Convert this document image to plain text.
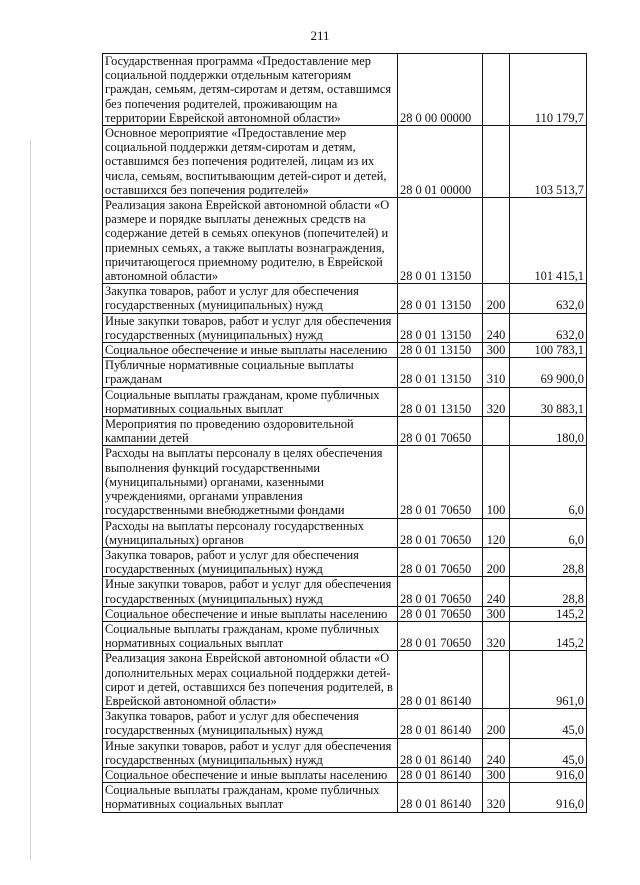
211
Государственная программа «Предоставление мер социальной поддержки отдельным категориям граждан, семьям, детям-сиротам и детям, оставшимся без попечения родителей, проживающим на территории Еврейской автономной области»	28 0 00 00000		110 179,7
Основное мероприятие «Предоставление мер социальной поддержки детям-сиротам и детям, оставшимся без попечения родителей, лицам из их числа, семьям, воспитывающим детей-сирот и детей, оставшихся без попечения родителей»	28 0 01 00000		103 513,7
Реализация закона Еврейской автономной области «О размере и порядке выплаты денежных средств на содержание детей в семьях опекунов (попечителей) и приемных семьях, а также выплаты вознаграждения, причитающегося приемному родителю, в Еврейской автономной области»	28 0 01 13150		101 415,1
Закупка товаров, работ и услуг для обеспечения государственных (муниципальных) нужд	28 0 01 13150	200	632,0
Иные закупки товаров, работ и услуг для обеспечения государственных (муниципальных) нужд	28 0 01 13150	240	632,0
Социальное обеспечение и иные выплаты населению	28 0 01 13150	300	100 783,1
Публичные нормативные социальные выплаты гражданам	28 0 01 13150	310	69 900,0
Социальные выплаты гражданам, кроме публичных нормативных социальных выплат	28 0 01 13150	320	30 883,1
Мероприятия по проведению оздоровительной кампании детей	28 0 01 70650		180,0
Расходы на выплаты персоналу в целях обеспечения выполнения функций государственными (муниципальными) органами, казенными учреждениями, органами управления государственными внебюджетными фондами	28 0 01 70650	100	6,0
Расходы на выплаты персоналу государственных (муниципальных) органов	28 0 01 70650	120	6,0
Закупка товаров, работ и услуг для обеспечения государственных (муниципальных) нужд	28 0 01 70650	200	28,8
Иные закупки товаров, работ и услуг для обеспечения государственных (муниципальных) нужд	28 0 01 70650	240	28,8
Социальное обеспечение и иные выплаты населению	28 0 01 70650	300	145,2
Социальные выплаты гражданам, кроме публичных нормативных социальных выплат	28 0 01 70650	320	145,2
Реализация закона Еврейской автономной области «О дополнительных мерах социальной поддержки детей-сирот и детей, оставшихся без попечения родителей, в Еврейской автономной области»	28 0 01 86140		961,0
Закупка товаров, работ и услуг для обеспечения государственных (муниципальных) нужд	28 0 01 86140	200	45,0
Иные закупки товаров, работ и услуг для обеспечения государственных (муниципальных) нужд	28 0 01 86140	240	45,0
Социальное обеспечение и иные выплаты населению	28 0 01 86140	300	916,0
Социальные выплаты гражданам, кроме публичных нормативных социальных выплат	28 0 01 86140	320	916,0
